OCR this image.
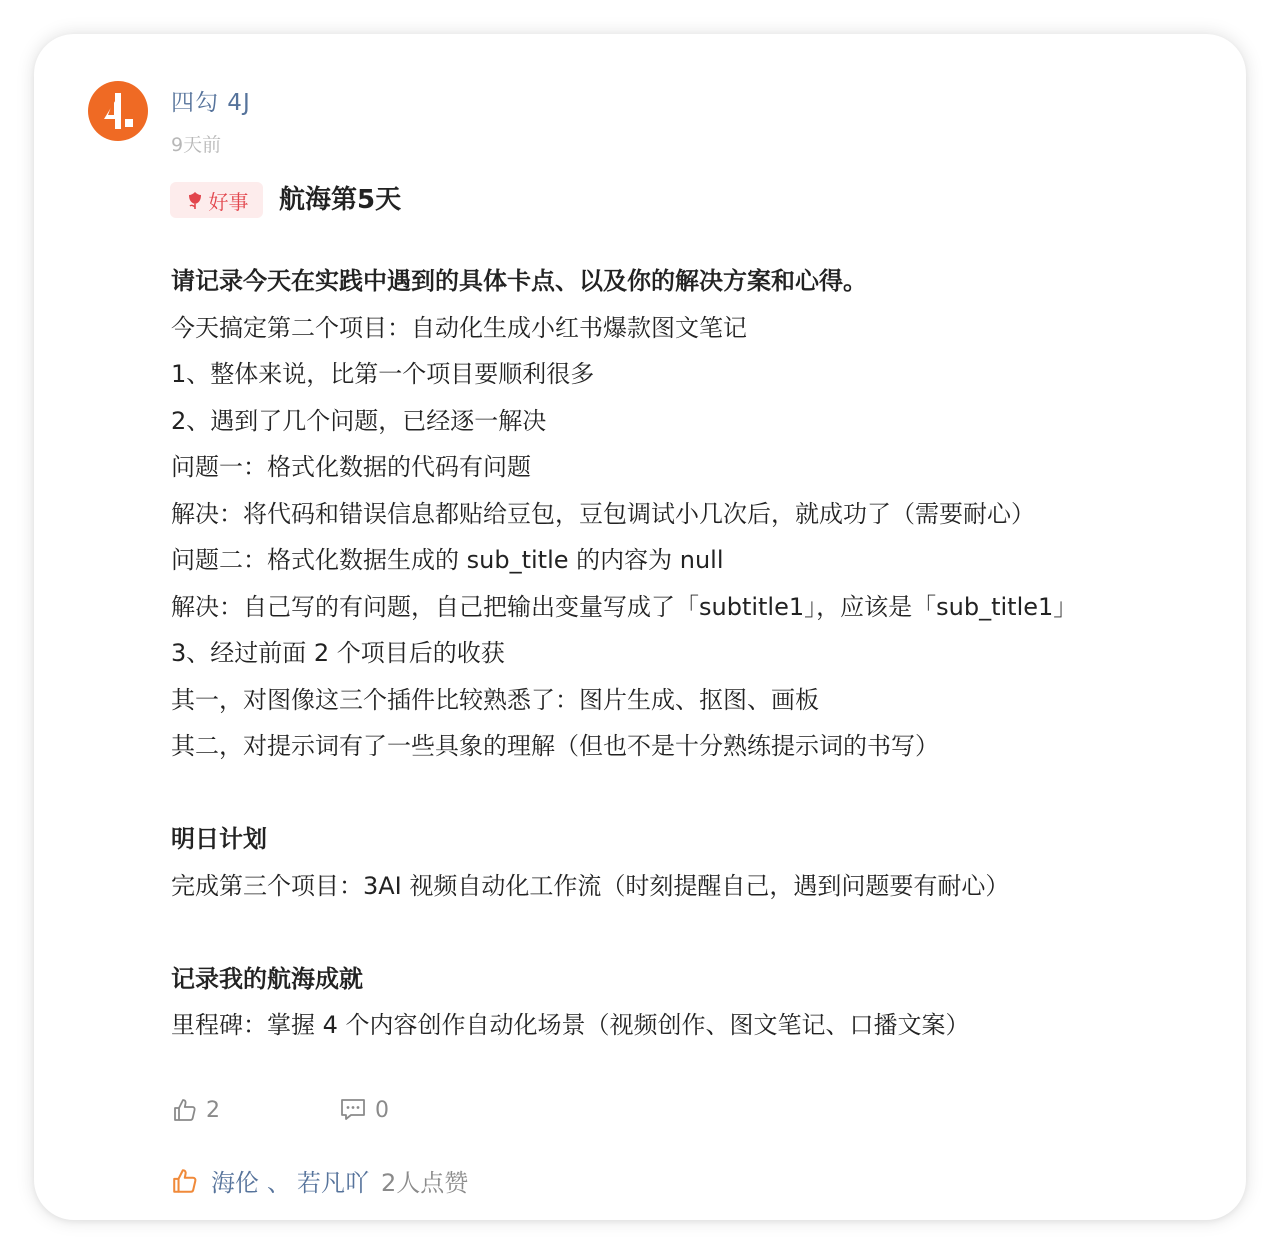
四勾 4J
9天前
好事 航海第5天
请记录今天在实践中遇到的具体卡点、以及你的解决方案和心得。
今天搞定第二个项目：自动化生成小红书爆款图文笔记
1、整体来说，比第一个项目要顺利很多
2、遇到了几个问题，已经逐一解决
问题一：格式化数据的代码有问题
解决：将代码和错误信息都贴给豆包，豆包调试小几次后，就成功了（需要耐心）
问题二：格式化数据生成的 sub_title 的内容为 null
解决：自己写的有问题，自己把输出变量写成了「subtitle1」，应该是「sub_title1」
3、经过前面 2 个项目后的收获
其一，对图像这三个插件比较熟悉了：图片生成、抠图、画板
其二，对提示词有了一些具象的理解（但也不是十分熟练提示词的书写）
明日计划
完成第三个项目：3AI 视频自动化工作流（时刻提醒自己，遇到问题要有耐心）
记录我的航海成就
里程碑：掌握 4 个内容创作自动化场景（视频创作、图文笔记、口播文案）
2	0
海伦 、 若凡吖 2人点赞
